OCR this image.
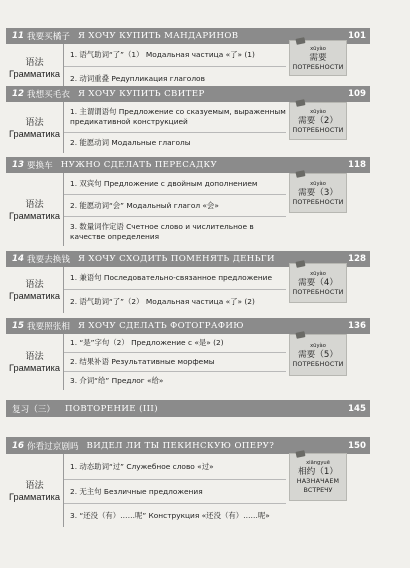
11 我要买橘子 Я ХОЧУ КУПИТЬ МАНДАРИНОВ	101
语法
Грамматика
1. 语气助词“了”（1） Модальная частица «了» (1)
2. 动词重叠 Редупликация глаголов
xūyào
需要
ПОТРЕБНОСТИ
12 我想买毛衣 Я ХОЧУ КУПИТЬ СВИТЕР	109
语法
Грамматика
1. 主谓谓语句 Предложение со сказуемым, выраженным предикативной конструкцией
2. 能愿动词 Модальные глаголы
xūyào
需要（2）
ПОТРЕБНОСТИ
13 要换车 НУЖНО СДЕЛАТЬ ПЕРЕСАДКУ	118
语法
Грамматика
1. 双宾句 Предложение с двойным дополнением
2. 能愿动词“会” Модальный глагол «会»
3. 数量词作定语 Счетное слово и числительное в качестве определения
xūyào
需要（3）
ПОТРЕБНОСТИ
14 我要去换钱 Я ХОЧУ СХОДИТЬ ПОМЕНЯТЬ ДЕНЬГИ	128
语法
Грамматика
1. 兼语句 Последовательно-связанное предложение
2. 语气助词“了”（2） Модальная частица «了» (2)
xūyào
需要（4）
ПОТРЕБНОСТИ
15 我要照张相 Я ХОЧУ СДЕЛАТЬ ФОТОГРАФИЮ	136
语法
Грамматика
1. “是”字句（2） Предложение с «是» (2)
2. 结果补语 Результативные морфемы
3. 介词“给” Предлог «给»
xūyào
需要（5）
ПОТРЕБНОСТИ
复习（三） ПОВТОРЕНИЕ (III)	145
16 你看过京剧吗 ВИДЕЛ ЛИ ТЫ ПЕКИНСКУЮ ОПЕРУ?	150
语法
Грамматика
1. 动态助词“过” Служебное слово «过»
2. 无主句 Безличные предложения
3. “还没（有）……呢” Конструкция «还没（有）……呢»
xiāngyuē
相约（1）
НАЗНАЧАЕМ
ВСТРЕЧУ
